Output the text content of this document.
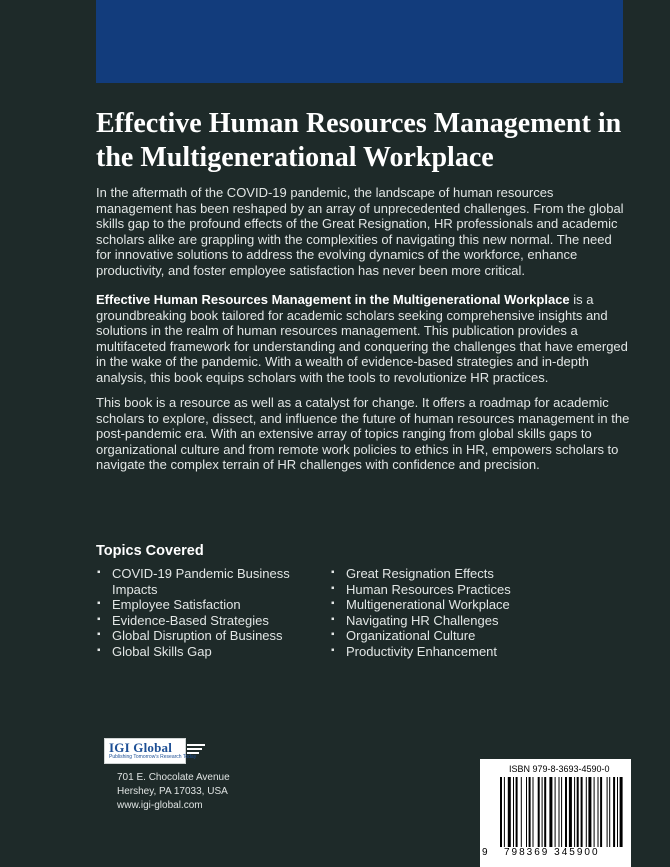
Effective Human Resources Management in the Multigenerational Workplace

In the aftermath of the COVID-19 pandemic, the landscape of human resources management has been reshaped by an array of unprecedented challenges. From the global skills gap to the profound effects of the Great Resignation, HR professionals and academic scholars alike are grappling with the complexities of navigating this new normal. The need for innovative solutions to address the evolving dynamics of the workforce, enhance productivity, and foster employee satisfaction has never been more critical.

Effective Human Resources Management in the Multigenerational Workplace is a groundbreaking book tailored for academic scholars seeking comprehensive insights and solutions in the realm of human resources management. This publication provides a multifaceted framework for understanding and conquering the challenges that have emerged in the wake of the pandemic. With a wealth of evidence-based strategies and in-depth analysis, this book equips scholars with the tools to revolutionize HR practices.

This book is a resource as well as a catalyst for change. It offers a roadmap for academic scholars to explore, dissect, and influence the future of human resources management in the post-pandemic era. With an extensive array of topics ranging from global skills gaps to organizational culture and from remote work policies to ethics in HR, empowers scholars to navigate the complex terrain of HR challenges with confidence and precision.

Topics Covered
▪ COVID-19 Pandemic Business Impacts
▪ Employee Satisfaction
▪ Evidence-Based Strategies
▪ Global Disruption of Business
▪ Global Skills Gap
▪ Great Resignation Effects
▪ Human Resources Practices
▪ Multigenerational Workplace
▪ Navigating HR Challenges
▪ Organizational Culture
▪ Productivity Enhancement
IGI Global
Publishing Tomorrow's Research Today
701 E. Chocolate Avenue
Hershey, PA 17033, USA
www.igi-global.com
ISBN 979-8-3693-4590-0
9 798369 345900
